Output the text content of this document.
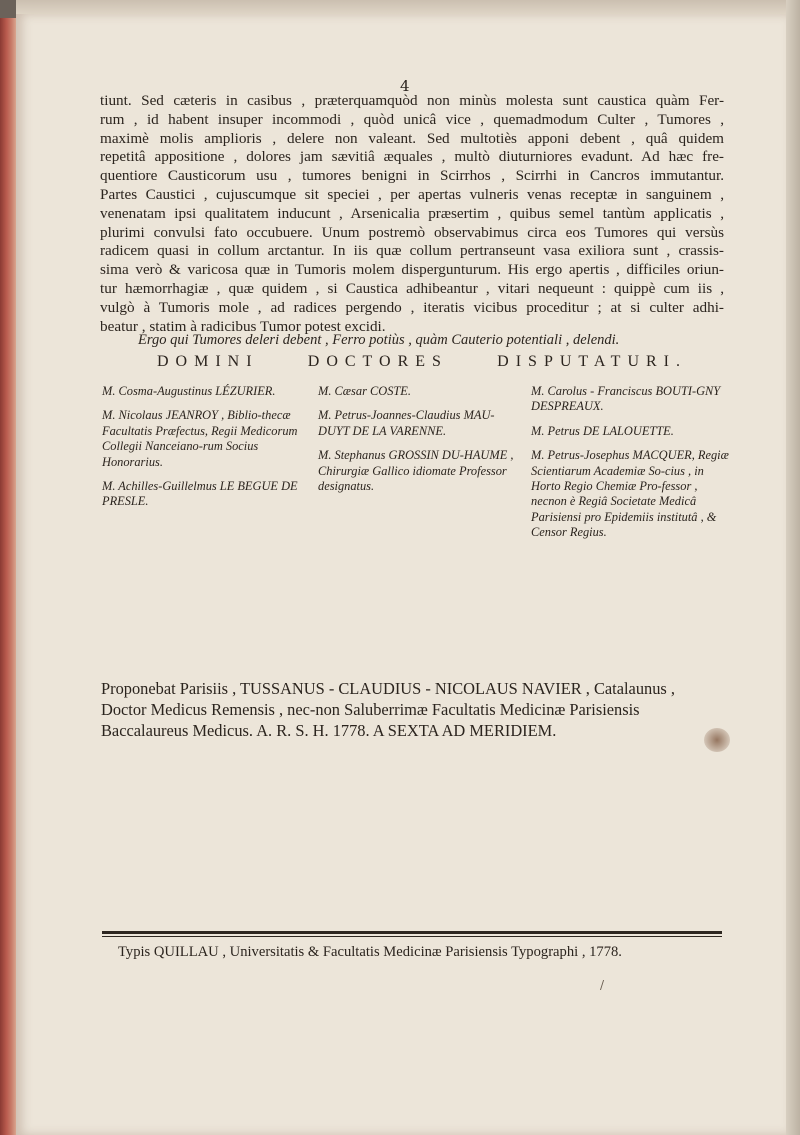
4
tiunt. Sed cæteris in casibus , præterquamquòd non minùs molesta sunt caustica quàm Fer-
rum , id habent insuper incommodi , quòd unicâ vice , quemadmodum Culter , Tumores ,
maximè molis amplioris , delere non valeant. Sed multotiès apponi debent , quâ quidem
repetitâ appositione , dolores jam sævitiâ æquales , multò diuturniores evadunt. Ad hæc fre-
quentiore Causticorum usu , tumores benigni in Scirrhos , Scirrhi in Cancros immutantur.
Partes Caustici , cujuscumque sit speciei , per apertas vulneris venas receptæ in sanguinem ,
venenatam ipsi qualitatem inducunt , Arsenicalia præsertim , quibus semel tantùm applicatis ,
plurimi convulsi fato occubuere. Unum postremò observabimus circa eos Tumores qui versùs
radicem quasi in collum arctantur. In iis quæ collum pertranseunt vasa exiliora sunt , crassis-
sima verò & varicosa quæ in Tumoris molem dispergunturum. His ergo apertis , difficiles oriun-
tur hæmorrhagiæ , quæ quidem , si Caustica adhibeantur , vitari nequeunt : quippè cum iis ,
vulgò à Tumoris mole , ad radices pergendo , iteratis vicibus proceditur ; at si culter adhi-
beatur , statim à radicibus Tumor potest excidi.
Ergo qui Tumores deleri debent , Ferro potiùs , quàm Cauterio potentiali , delendi.
DOMINI	DOCTORES	DISPUTATURI.
M. Cosma-Augustinus LÉZURIER.
M. Nicolaus JEANROY , Biblio-thecæ Facultatis Præfectus, Regii Medicorum Collegii Nanceiano-rum Socius Honorarius.
M. Achilles-Guillelmus LE BEGUE DE PRESLE.
M. Cæsar COSTE.
M. Petrus-Joannes-Claudius MAU-DUYT DE LA VARENNE.
M. Stephanus GROSSIN DU-HAUME , Chirurgiæ Gallico idiomate Professor designatus.
M. Carolus - Franciscus BOUTI-GNY DESPREAUX.
M. Petrus DE LALOUETTE.
M. Petrus-Josephus MACQUER, Regiæ Scientiarum Academiæ So-cius , in Horto Regio Chemiæ Pro-fessor , necnon è Regiâ Societate Medicâ Parisiensi pro Epidemiis institutâ , & Censor Regius.
Proponebat Parisiis , TUSSANUS - CLAUDIUS - NICOLAUS NAVIER , Catalaunus ,
Doctor Medicus Remensis , nec-non Saluberrimæ Facultatis Medicinæ Parisiensis
Baccalaureus Medicus. A. R. S. H. 1778. A SEXTA AD MERIDIEM.
Typis QUILLAU , Universitatis & Facultatis Medicinæ Parisiensis Typographi , 1778.
/
